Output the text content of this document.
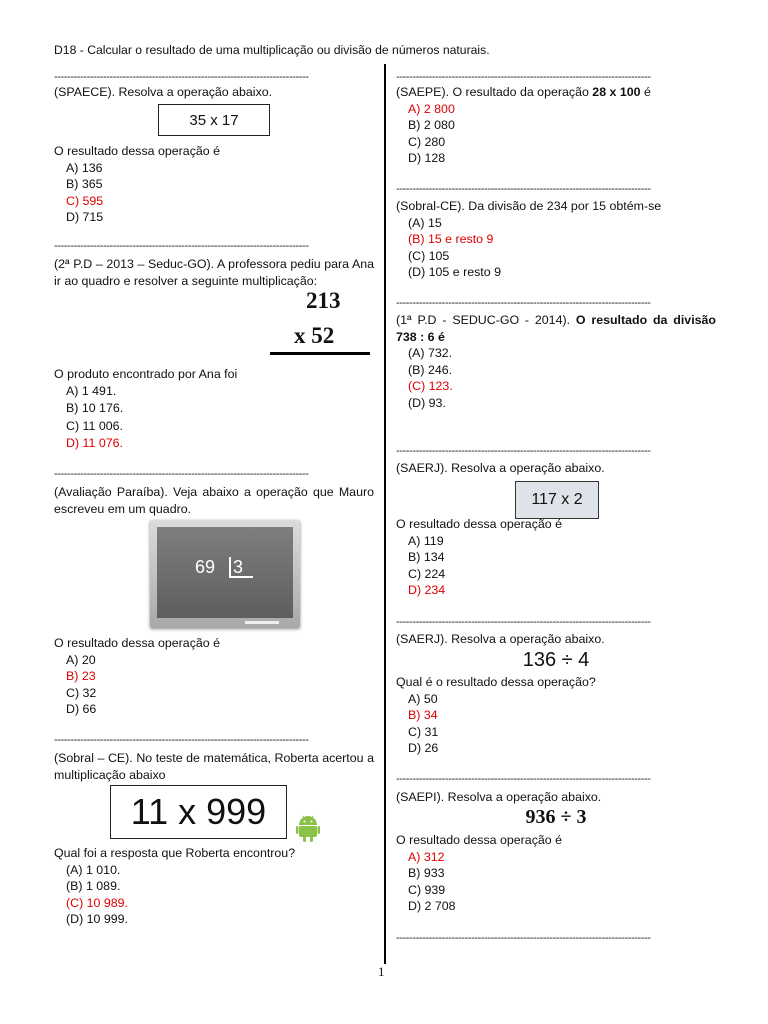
D18 - Calcular o resultado de uma multiplicação ou divisão de números naturais.
------------------------------------------------------------------------------
(SPAECE). Resolva a operação abaixo.
35 x 17
O resultado dessa operação é
A) 136
B) 365
C) 595
D) 715
------------------------------------------------------------------------------
(2ª P.D – 2013 – Seduc-GO). A professora pediu para Ana ir ao quadro e resolver a seguinte multiplicação:
213
x 52
O produto encontrado por Ana foi
A) 1 491.
B) 10 176.
C) 11 006.
D) 11 076.
------------------------------------------------------------------------------
(Avaliação Paraíba). Veja abaixo a operação que Mauro escreveu em um quadro.
69 3
O resultado dessa operação é
A) 20
B) 23
C) 32
D) 66
------------------------------------------------------------------------------
(Sobral – CE). No teste de matemática, Roberta acertou a multiplicação abaixo
11 x 999
Qual foi a resposta que Roberta encontrou?
(A) 1 010.
(B) 1 089.
(C) 10 989.
(D) 10 999.
------------------------------------------------------------------------------
(SAEPE). O resultado da operação 28 x 100 é
A) 2 800
B) 2 080
C) 280
D) 128
------------------------------------------------------------------------------
(Sobral-CE). Da divisão de 234 por 15 obtém-se
(A) 15
(B) 15 e resto 9
(C) 105
(D) 105 e resto 9
------------------------------------------------------------------------------
(1ª P.D - SEDUC-GO - 2014). O resultado da divisão 738 : 6 é
(A) 732.
(B) 246.
(C) 123.
(D) 93.
------------------------------------------------------------------------------
(SAERJ). Resolva a operação abaixo.
117 x 2
O resultado dessa operação é
A) 119
B) 134
C) 224
D) 234
------------------------------------------------------------------------------
(SAERJ). Resolva a operação abaixo.
136 ÷ 4
Qual é o resultado dessa operação?
A) 50
B) 34
C) 31
D) 26
------------------------------------------------------------------------------
(SAEPI). Resolva a operação abaixo.
936 ÷ 3
O resultado dessa operação é
A) 312
B) 933
C) 939
D) 2 708
------------------------------------------------------------------------------
1
